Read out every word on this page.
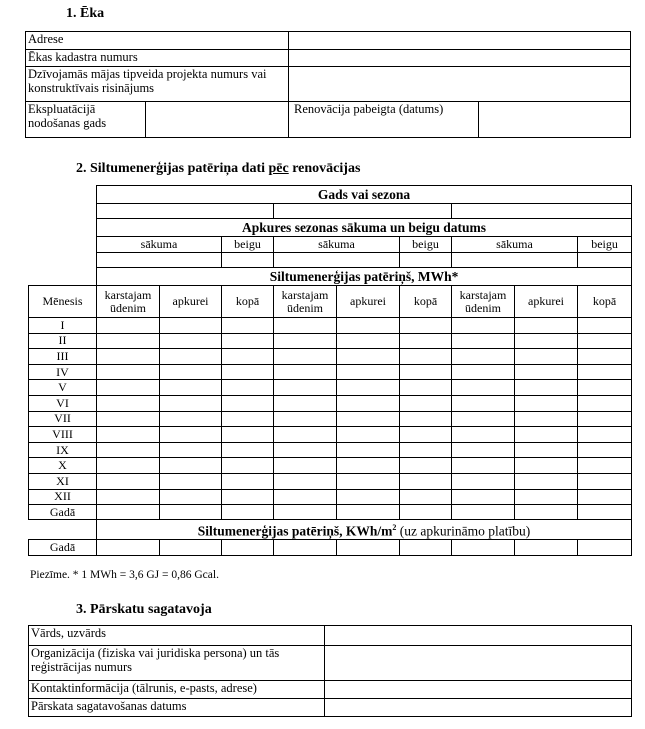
1. Ēka
Adrese			
Ēkas kadastra numurs			
Dzīvojamās mājas tipveida projekta numurs vai konstruktīvais risinājums			
Ekspluatācijā nodošanas gads		Renovācija pabeigta (datums)	
2. Siltumenerģijas patēriņa dati pēc renovācijas
	Gads vai sezona								

	Apkures sezonas sākuma un beigu datums								
	sākuma		beigu	sākuma		beigu	sākuma		beigu

	Siltumenerģijas patēriņš, MWh*								
Mēnesis	karstajam ūdenim	apkurei	kopā	karstajam ūdenim	apkurei	kopā	karstajam ūdenim	apkurei	kopā
I									
II									
III									
IV									
V									
VI									
VII									
VIII									
IX									
X									
XI									
XII									
Gadā									
	Siltumenerģijas patēriņš, KWh/$m^2$ (uz apkurināmo platību)								
Gadā									
Piezīme. * 1 MWh = 3,6 GJ = 0,86 Gcal.
3. Pārskatu sagatavoja
Vārds, uzvārds	
Organizācija (fiziska vai juridiska persona) un tās reģistrācijas numurs	
Kontaktinformācija (tālrunis, e-pasts, adrese)	
Pārskata sagatavošanas datums	
